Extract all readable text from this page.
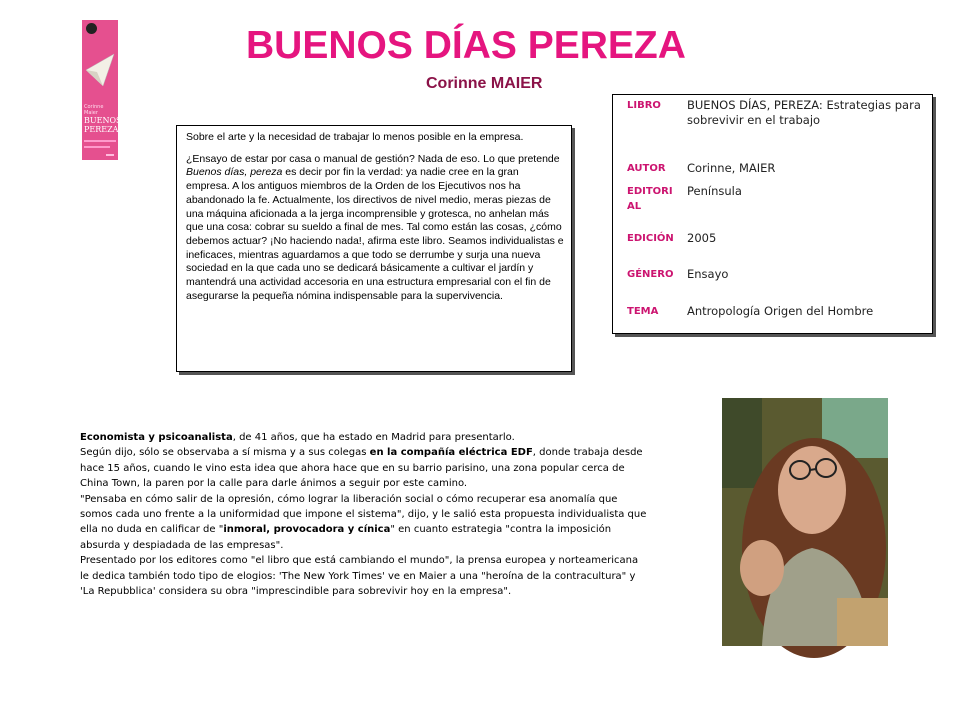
Corinne Maier
BUENOS DÍAS,
PEREZA
BUENOS DÍAS PEREZA
Corinne MAIER

Sobre el arte y la necesidad de trabajar lo menos posible en la empresa.

¿Ensayo de estar por casa o manual de gestión? Nada de eso. Lo que pretende Buenos días, pereza es decir por fin la verdad: ya nadie cree en la gran empresa. A los antiguos miembros de la Orden de los Ejecutivos nos ha abandonado la fe. Actualmente, los directivos de nivel medio, meras piezas de una máquina aficionada a la jerga incomprensible y grotesca, no anhelan más que una cosa: cobrar su sueldo a final de mes. Tal como están las cosas, ¿cómo debemos actuar? ¡No haciendo nada!, afirma este libro. Seamos individualistas e ineficaces, mientras aguardamos a que todo se derrumbe y surja una nueva sociedad en la que cada uno se dedicará básicamente a cultivar el jardín y mantendrá una actividad accesoria en una estructura empresarial con el fin de asegurarse la pequeña nómina indispensable para la supervivencia.

LIBRO	BUENOS DÍAS, PEREZA: Estrategias para sobrevivir en el trabajo
AUTOR	Corinne, MAIER
EDITORIAL	Península
EDICIÓN	2005
GÉNERO	Ensayo
TEMA	Antropología Origen del Hombre
Economista y psicoanalista, de 41 años, que ha estado en Madrid para presentarlo.
Según dijo, sólo se observaba a sí misma y a sus colegas en la compañía eléctrica EDF, donde trabaja desde hace 15 años, cuando le vino esta idea que ahora hace que en su barrio parisino, una zona popular cerca de China Town, la paren por la calle para darle ánimos a seguir por este camino.
"Pensaba en cómo salir de la opresión, cómo lograr la liberación social o cómo recuperar esa anomalía que somos cada uno frente a la uniformidad que impone el sistema", dijo, y le salió esta propuesta individualista que ella no duda en calificar de "inmoral, provocadora y cínica" en cuanto estrategia "contra la imposición absurda y despiadada de las empresas".
Presentado por los editores como "el libro que está cambiando el mundo", la prensa europea y norteamericana le dedica también todo tipo de elogios: 'The New York Times' ve en Maier a una "heroína de la contracultura" y 'La Repubblica' considera su obra "imprescindible para sobrevivir hoy en la empresa".
